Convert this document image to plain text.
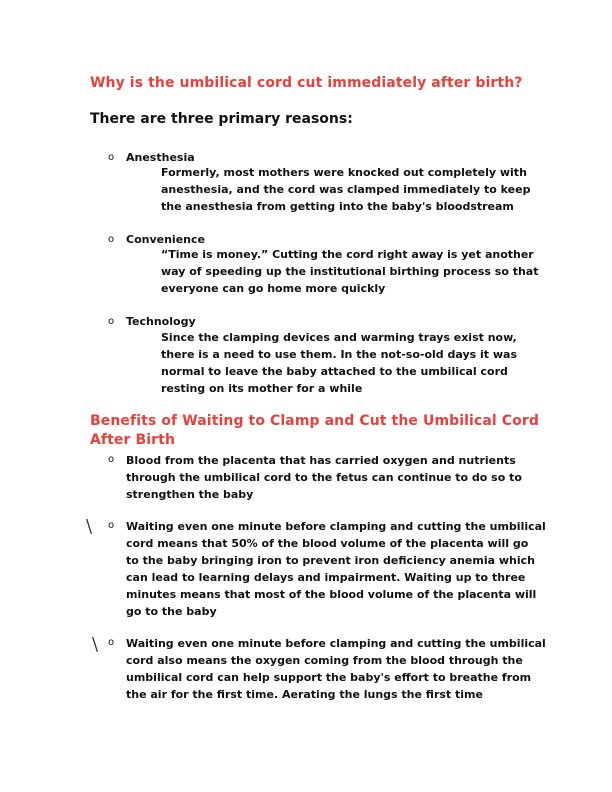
Why is the umbilical cord cut immediately after birth?
There are three primary reasons:
o Anesthesia
Formerly, most mothers were knocked out completely with
anesthesia, and the cord was clamped immediately to keep
the anesthesia from getting into the baby's bloodstream
o Convenience
“Time is money.” Cutting the cord right away is yet another
way of speeding up the institutional birthing process so that
everyone can go home more quickly
o Technology
Since the clamping devices and warming trays exist now,
there is a need to use them. In the not-so-old days it was
normal to leave the baby attached to the umbilical cord
resting on its mother for a while
Benefits of Waiting to Clamp and Cut the Umbilical Cord
After Birth
o Blood from the placenta that has carried oxygen and nutrients
through the umbilical cord to the fetus can continue to do so to
strengthen the baby
\ o Waiting even one minute before clamping and cutting the umbilical
cord means that 50% of the blood volume of the placenta will go
to the baby bringing iron to prevent iron deficiency anemia which
can lead to learning delays and impairment. Waiting up to three
minutes means that most of the blood volume of the placenta will
go to the baby
\ o Waiting even one minute before clamping and cutting the umbilical
cord also means the oxygen coming from the blood through the
umbilical cord can help support the baby's effort to breathe from
the air for the first time. Aerating the lungs the first time
